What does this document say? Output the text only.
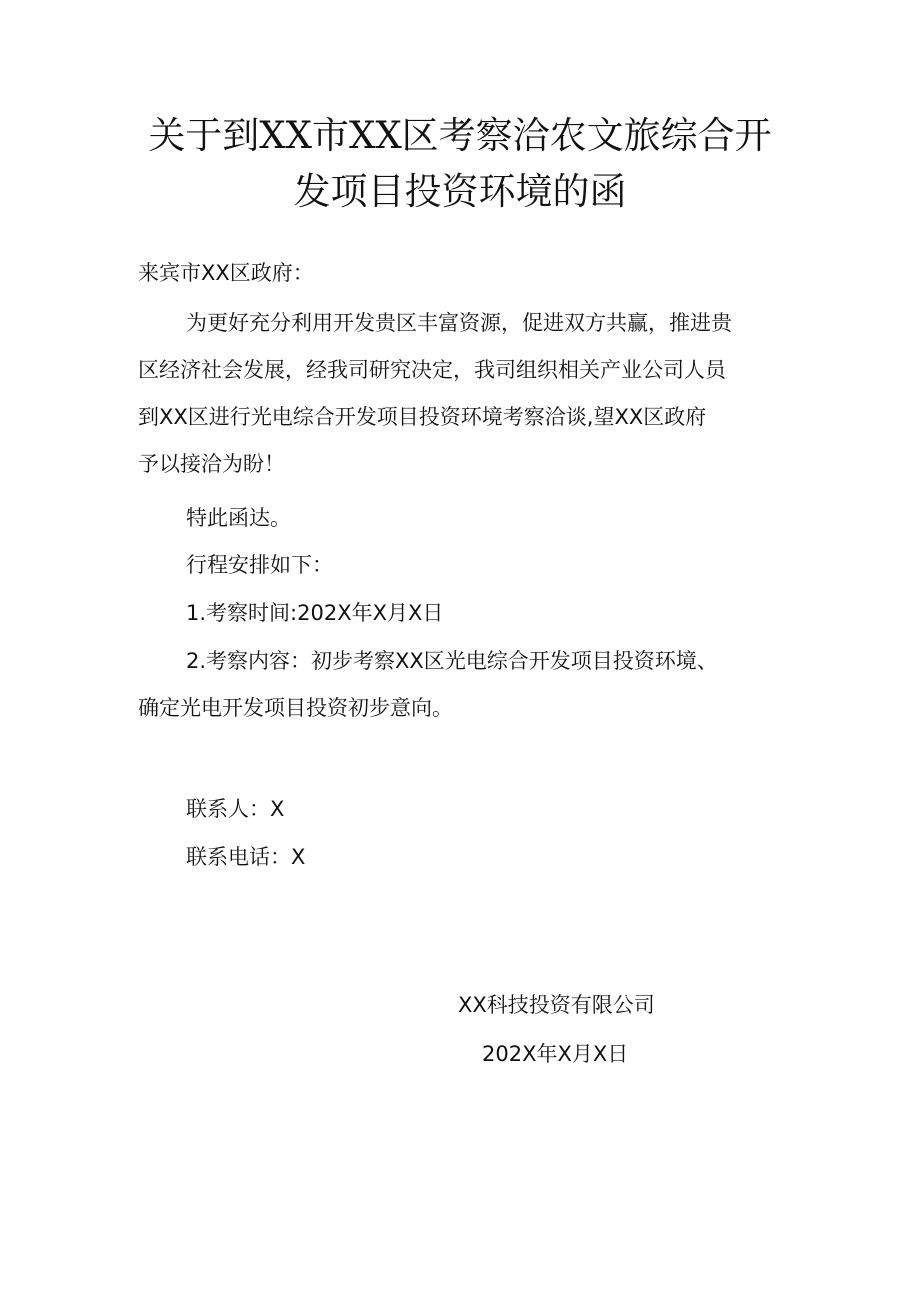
关于到XX市XX区考察洽农文旅综合开
发项目投资环境的函

来宾市XX区政府：

为更好充分利用开发贵区丰富资源，促进双方共赢，推进贵
区经济社会发展，经我司研究决定，我司组织相关产业公司人员
到XX区进行光电综合开发项目投资环境考察洽谈,望XX区政府
予以接洽为盼！

特此函达。

行程安排如下：

1.考察时间:202X年X月X日

2.考察内容：初步考察XX区光电综合开发项目投资环境、
确定光电开发项目投资初步意向。

联系人：X

联系电话：X

XX科技投资有限公司

202X年X月X日
